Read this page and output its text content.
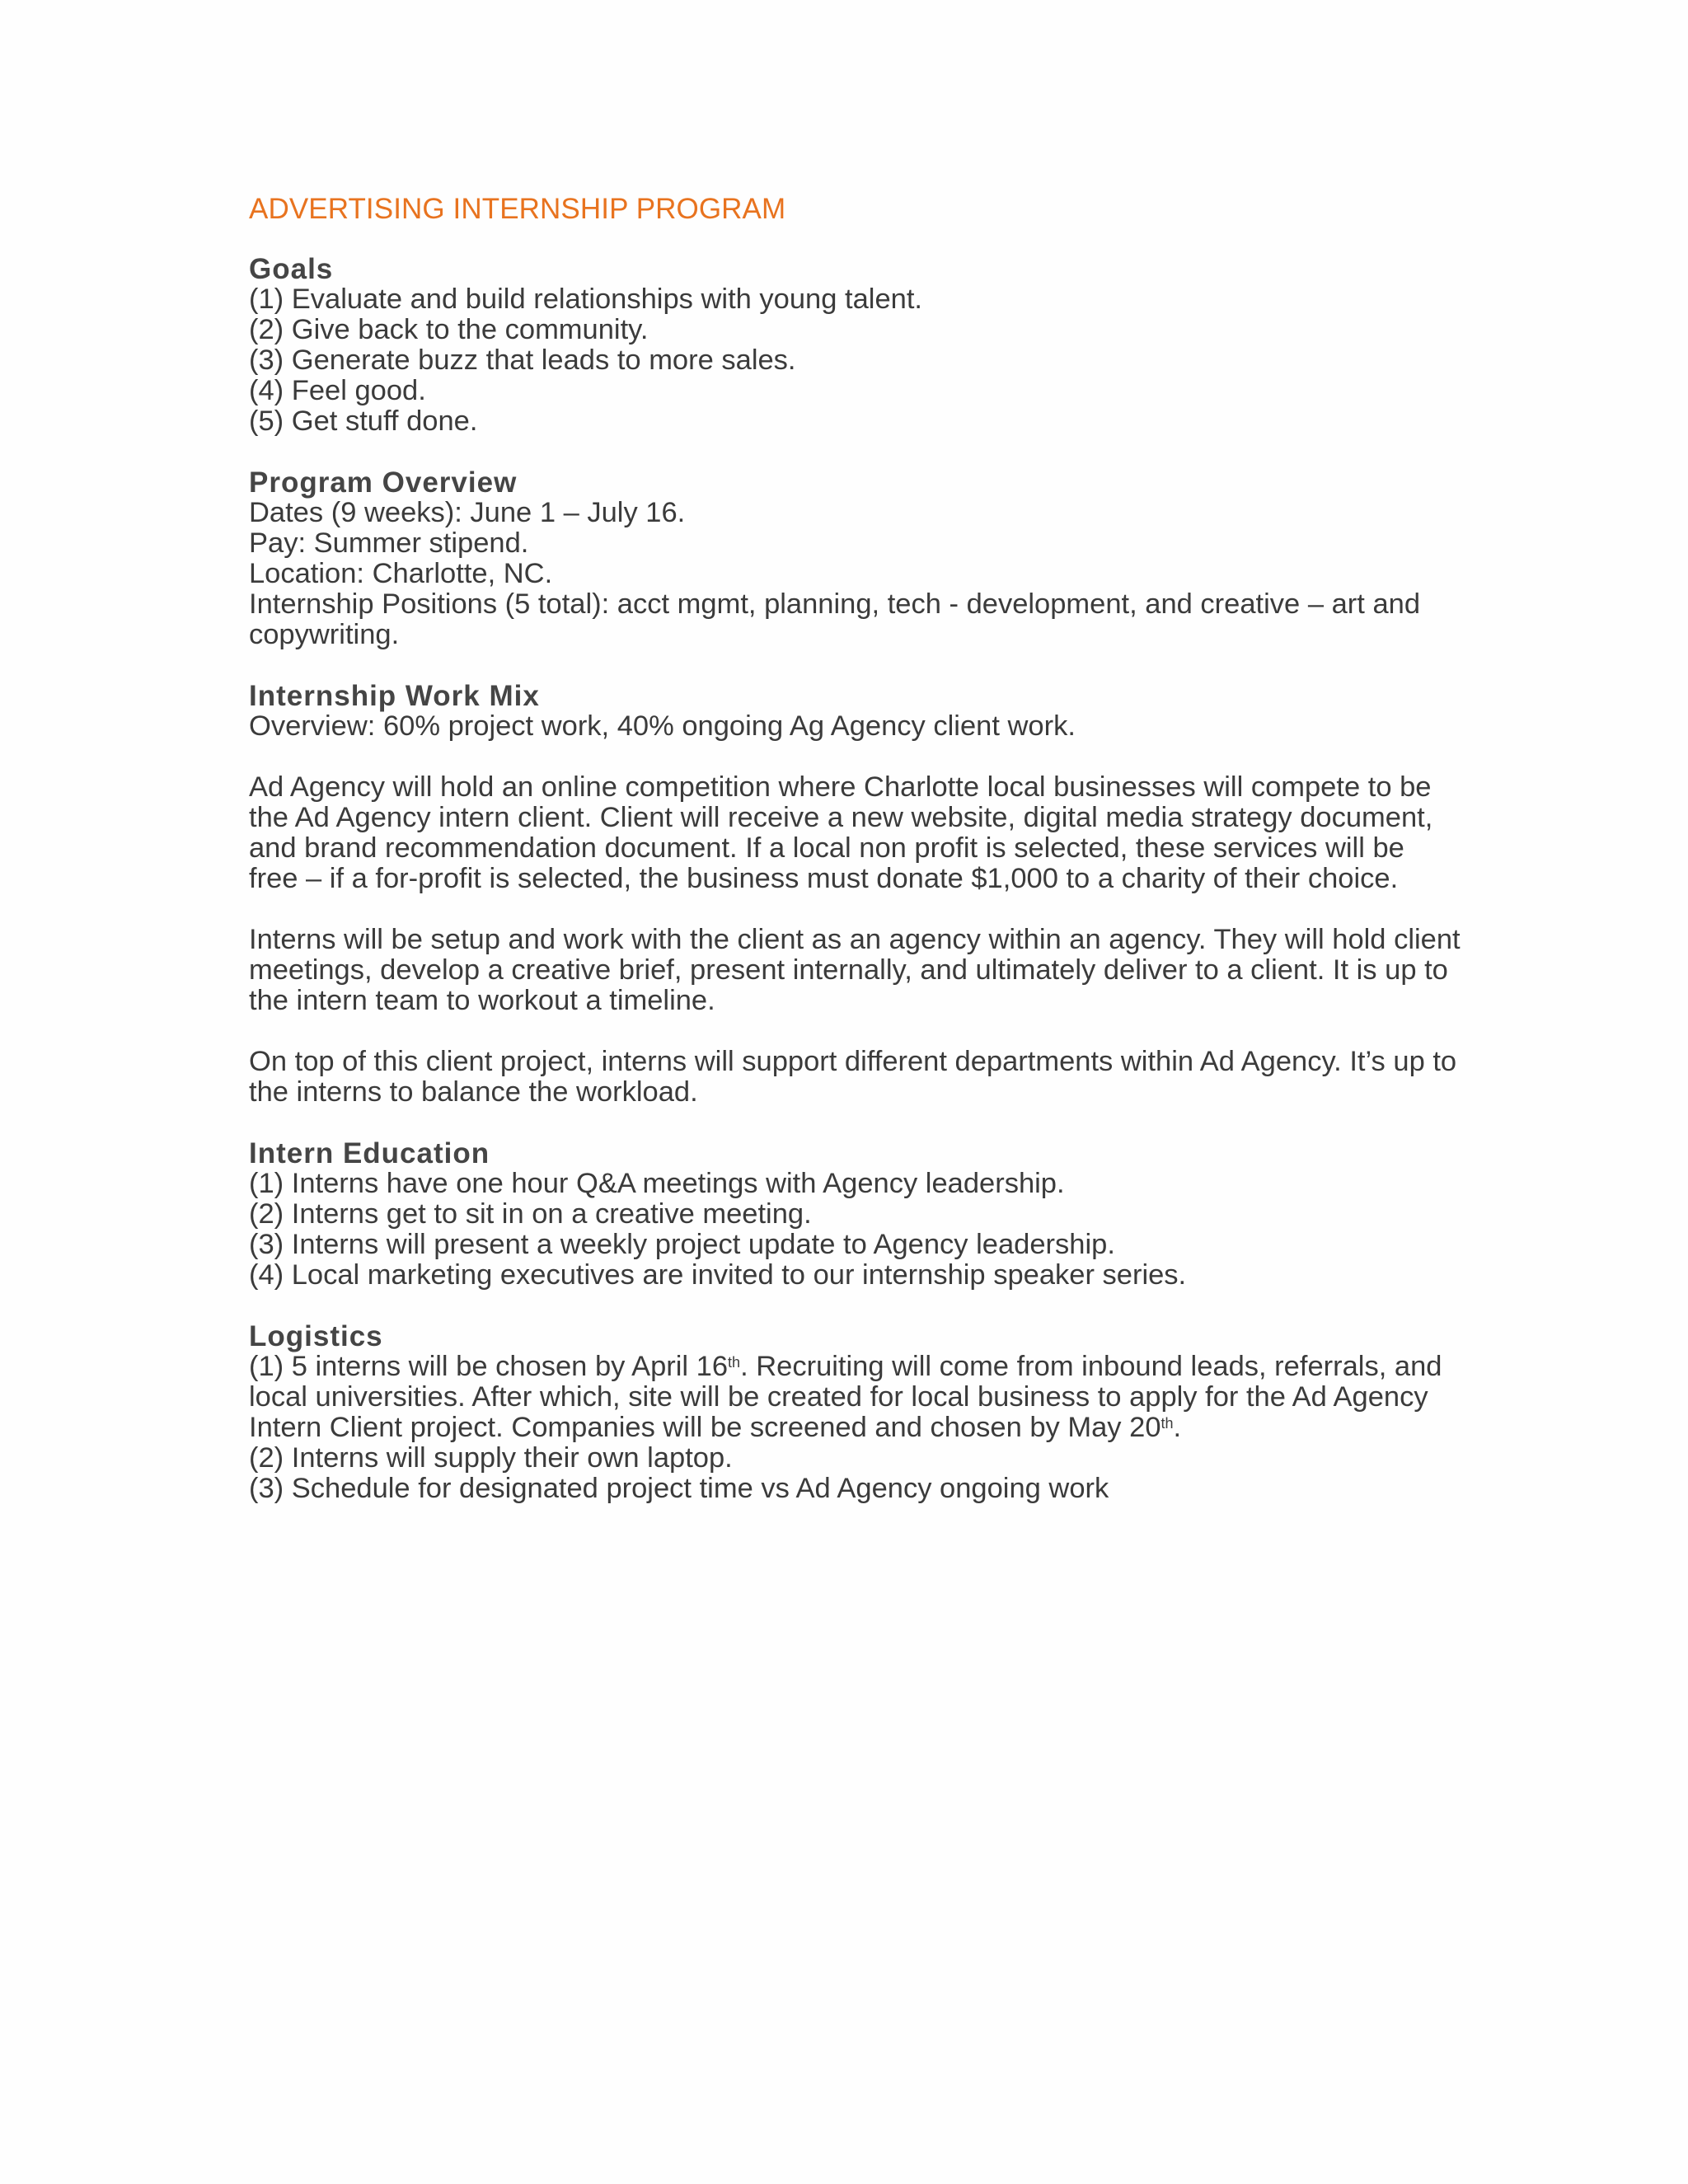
ADVERTISING INTERNSHIP PROGRAM
Goals
(1) Evaluate and build relationships with young talent.
(2) Give back to the community.
(3) Generate buzz that leads to more sales.
(4) Feel good.
(5) Get stuff done.
Program Overview
Dates (9 weeks): June 1 – July 16.
Pay: Summer stipend.
Location: Charlotte, NC.
Internship Positions (5 total): acct mgmt, planning, tech - development, and creative – art and copywriting.
Internship Work Mix
Overview: 60% project work, 40% ongoing Ag Agency client work.
Ad Agency will hold an online competition where Charlotte local businesses will compete to be the Ad Agency intern client. Client will receive a new website, digital media strategy document, and brand recommendation document. If a local non profit is selected, these services will be free – if a for-profit is selected, the business must donate $1,000 to a charity of their choice.
Interns will be setup and work with the client as an agency within an agency. They will hold client meetings, develop a creative brief, present internally, and ultimately deliver to a client. It is up to the intern team to workout a timeline.
On top of this client project, interns will support different departments within Ad Agency. It’s up to the interns to balance the workload.
Intern Education
(1) Interns have one hour Q&A meetings with Agency leadership.
(2) Interns get to sit in on a creative meeting.
(3) Interns will present a weekly project update to Agency leadership.
(4) Local marketing executives are invited to our internship speaker series.
Logistics
(1) 5 interns will be chosen by April 16th. Recruiting will come from inbound leads, referrals, and local universities. After which, site will be created for local business to apply for the Ad Agency Intern Client project. Companies will be screened and chosen by May 20th.
(2) Interns will supply their own laptop.
(3) Schedule for designated project time vs Ad Agency ongoing work
